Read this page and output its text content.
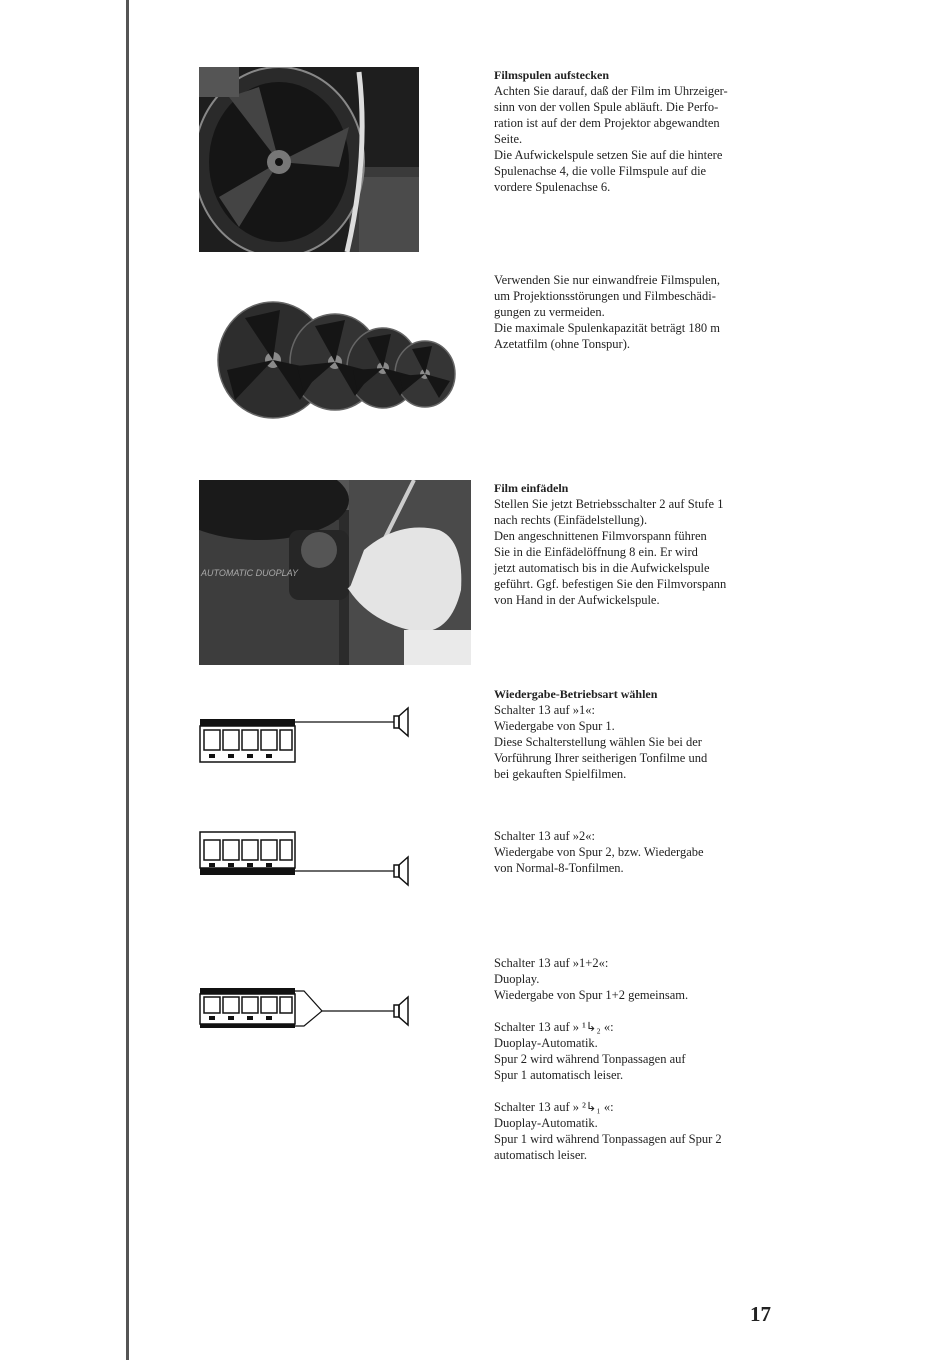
Filmspulen aufstecken

Achten Sie darauf, daß der Film im Uhrzeiger-

sinn von der vollen Spule abläuft. Die Perfo-

ration ist auf der dem Projektor abgewandten

Seite.

Die Aufwickelspule setzen Sie auf die hintere

Spulenachse 4, die volle Filmspule auf die

vordere Spulenachse 6.

Verwenden Sie nur einwandfreie Filmspulen,

um Projektionsstörungen und Filmbeschädi-

gungen zu vermeiden.

Die maximale Spulenkapazität beträgt 180 m

Azetatfilm (ohne Tonspur).

AUTOMATIC DUOPLAY

Film einfädeln

Stellen Sie jetzt Betriebsschalter 2 auf Stufe 1

nach rechts (Einfädelstellung).

Den angeschnittenen Filmvorspann führen

Sie in die Einfädelöffnung 8 ein. Er wird

jetzt automatisch bis in die Aufwickelspule

geführt. Ggf. befestigen Sie den Filmvorspann

von Hand in der Aufwickelspule.

Wiedergabe-Betriebsart wählen

Schalter 13 auf »1«:

Wiedergabe von Spur 1.

Diese Schalterstellung wählen Sie bei der

Vorführung Ihrer seitherigen Tonfilme und

bei gekauften Spielfilmen.

Schalter 13 auf »2«:

Wiedergabe von Spur 2, bzw. Wiedergabe

von Normal-8-Tonfilmen.

Schalter 13 auf »1+2«:

Duoplay.

Wiedergabe von Spur 1+2 gemeinsam.

Schalter 13 auf » ¹↳₂ «:

Duoplay-Automatik.

Spur 2 wird während Tonpassagen auf

Spur 1 automatisch leiser.

Schalter 13 auf » ²↳₁ «:

Duoplay-Automatik.

Spur 1 wird während Tonpassagen auf Spur 2

automatisch leiser.

17
